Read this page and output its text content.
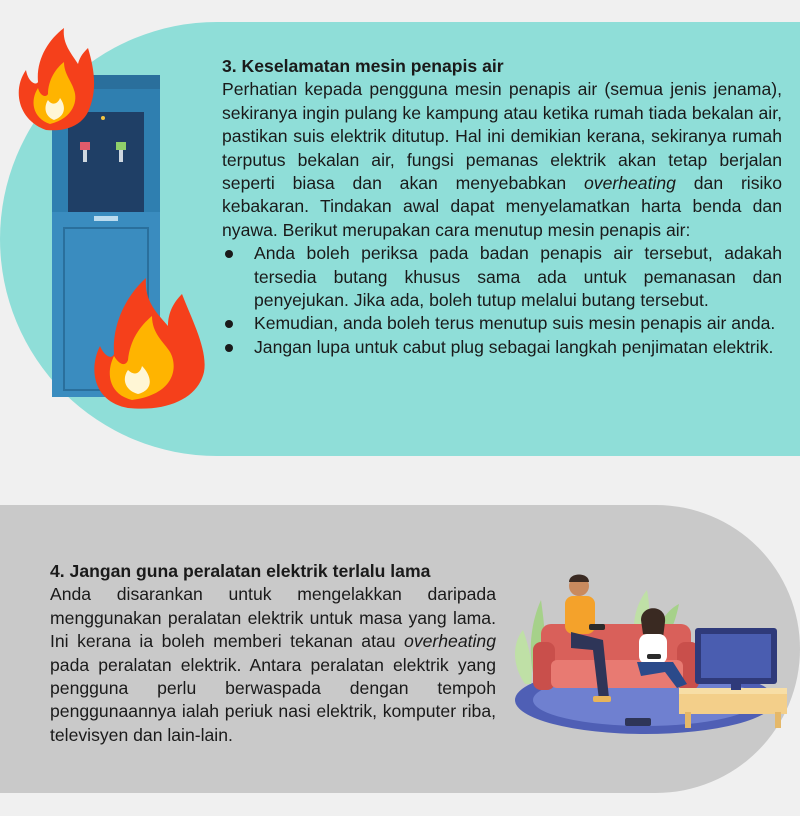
3. Keselamatan mesin penapis air

Perhatian kepada pengguna mesin penapis air (semua jenis jenama), sekiranya ingin pulang ke kampung atau ketika rumah tiada bekalan air, pastikan suis elektrik ditutup. Hal ini demikian kerana, sekiranya rumah terputus bekalan air, fungsi pemanas elektrik akan tetap berjalan seperti biasa dan akan menyebabkan overheating dan risiko kebakaran. Tindakan awal dapat menyelamatkan harta benda dan nyawa. Berikut merupakan cara menutup mesin penapis air:

Anda boleh periksa pada badan penapis air tersebut, adakah tersedia butang khusus sama ada untuk pemanasan dan penyejukan. Jika ada, boleh tutup melalui butang tersebut.
Kemudian, anda boleh terus menutup suis mesin penapis air anda.
Jangan lupa untuk cabut plug sebagai langkah penjimatan elektrik.
4. Jangan guna peralatan elektrik terlalu lama

Anda disarankan untuk mengelakkan daripada menggunakan peralatan elektrik untuk masa yang lama. Ini kerana ia boleh memberi tekanan atau overheating pada peralatan elektrik. Antara peralatan elektrik yang pengguna perlu berwaspada dengan tempoh penggunaannya ialah periuk nasi elektrik, komputer riba, televisyen dan lain-lain.
